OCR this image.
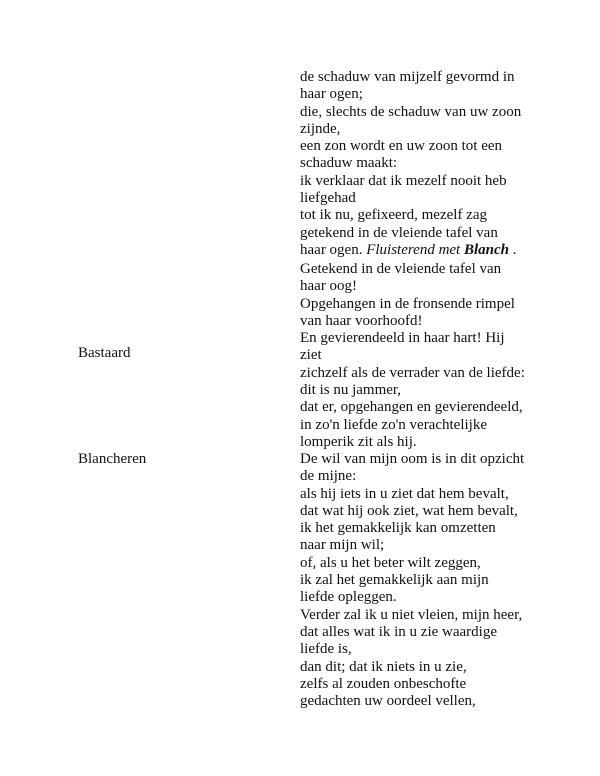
de schaduw van mijzelf gevormd in
haar ogen;
die, slechts de schaduw van uw zoon
zijnde,
een zon wordt en uw zoon tot een
schaduw maakt:
ik verklaar dat ik mezelf nooit heb
liefgehad
tot ik nu, gefixeerd, mezelf zag
getekend in de vleiende tafel van
haar ogen. Fluisterend met Blanch .
Bastaard
Getekend in de vleiende tafel van
haar oog!
Opgehangen in de fronsende rimpel
van haar voorhoofd!
En gevierendeeld in haar hart! Hij
ziet
zichzelf als de verrader van de liefde:
dit is nu jammer,
dat er, opgehangen en gevierendeeld,
in zo'n liefde zo'n verachtelijke
lomperik zit als hij.
Blancheren	De wil van mijn oom is in dit opzicht
de mijne:
als hij iets in u ziet dat hem bevalt,
dat wat hij ook ziet, wat hem bevalt,
ik het gemakkelijk kan omzetten
naar mijn wil;
of, als u het beter wilt zeggen,
ik zal het gemakkelijk aan mijn
liefde opleggen.
Verder zal ik u niet vleien, mijn heer,
dat alles wat ik in u zie waardige
liefde is,
dan dit; dat ik niets in u zie,
zelfs al zouden onbeschofte
gedachten uw oordeel vellen,
